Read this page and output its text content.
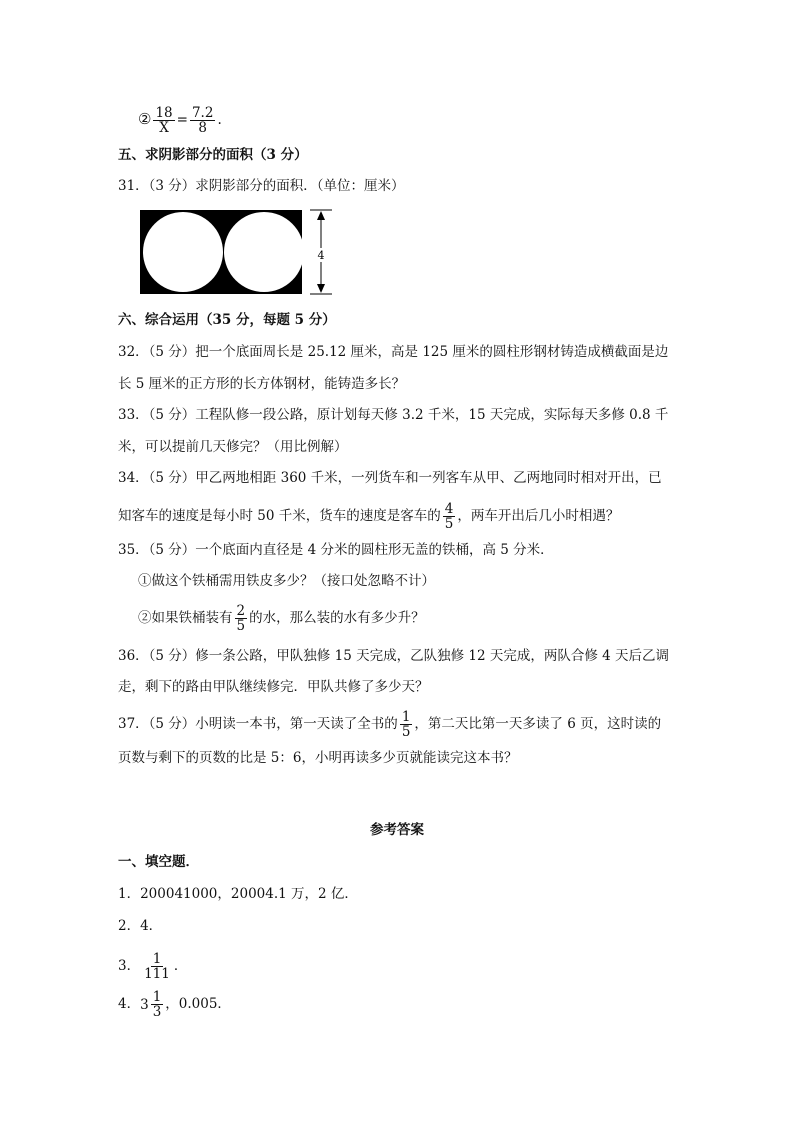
② $\frac{18}{X} = \frac{7.2}{8}$ .
五、求阴影部分的面积（3 分）
31．（3 分）求阴影部分的面积．（单位：厘米）
4
六、综合运用（35 分，每题 5 分）
32．（5 分）把一个底面周长是 25.12 厘米，高是 125 厘米的圆柱形钢材铸造成横截面是边
长 5 厘米的正方形的长方体钢材，能铸造多长？
33．（5 分）工程队修一段公路，原计划每天修 3.2 千米，15 天完成，实际每天多修 0.8 千
米，可以提前几天修完？（用比例解）
34．（5 分）甲乙两地相距 360 千米，一列货车和一列客车从甲、乙两地同时相对开出，已
知客车的速度是每小时 50 千米，货车的速度是客车的 $\frac{4}{5}$ ，两车开出后几小时相遇？
35．（5 分）一个底面内直径是 4 分米的圆柱形无盖的铁桶，高 5 分米．
①做这个铁桶需用铁皮多少？（接口处忽略不计）
②如果铁桶装有 $\frac{2}{5}$ 的水，那么装的水有多少升？
36．（5 分）修一条公路，甲队独修 15 天完成，乙队独修 12 天完成，两队合修 4 天后乙调
走，剩下的路由甲队继续修完．甲队共修了多少天？
37．（5 分）小明读一本书，第一天读了全书的 $\frac{1}{5}$ ，第二天比第一天多读了 6 页，这时读的
页数与剩下的页数的比是 5：6，小明再读多少页就能读完这本书？
参考答案
一、填空题．
1．200041000，20004.1 万，2 亿．
2．4．
3． $\frac{1}{111}$ ．
4． $3 \frac{1}{3}$ ，0.005．
